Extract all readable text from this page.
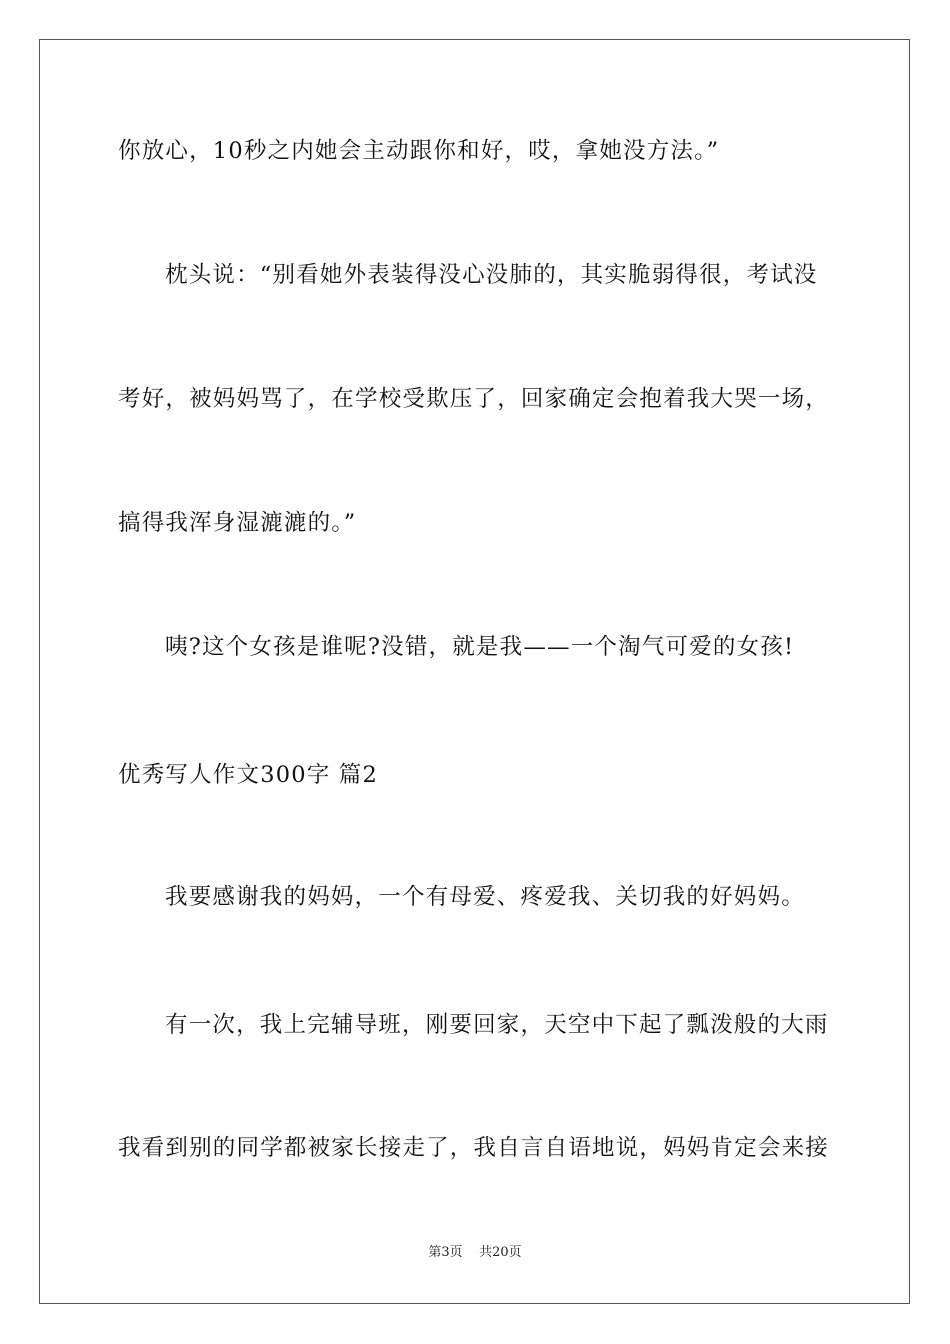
你放心，10秒之内她会主动跟你和好，哎，拿她没方法。”
枕头说：“别看她外表装得没心没肺的，其实脆弱得很，考试没
考好，被妈妈骂了，在学校受欺压了，回家确定会抱着我大哭一场，
搞得我浑身湿漉漉的。”
咦?这个女孩是谁呢?没错，就是我——一个淘气可爱的女孩!
优秀写人作文300字 篇2
我要感谢我的妈妈，一个有母爱、疼爱我、关切我的好妈妈。
有一次，我上完辅导班，刚要回家，天空中下起了瓢泼般的大雨
我看到别的同学都被家长接走了，我自言自语地说，妈妈肯定会来接
第3页    共20页
